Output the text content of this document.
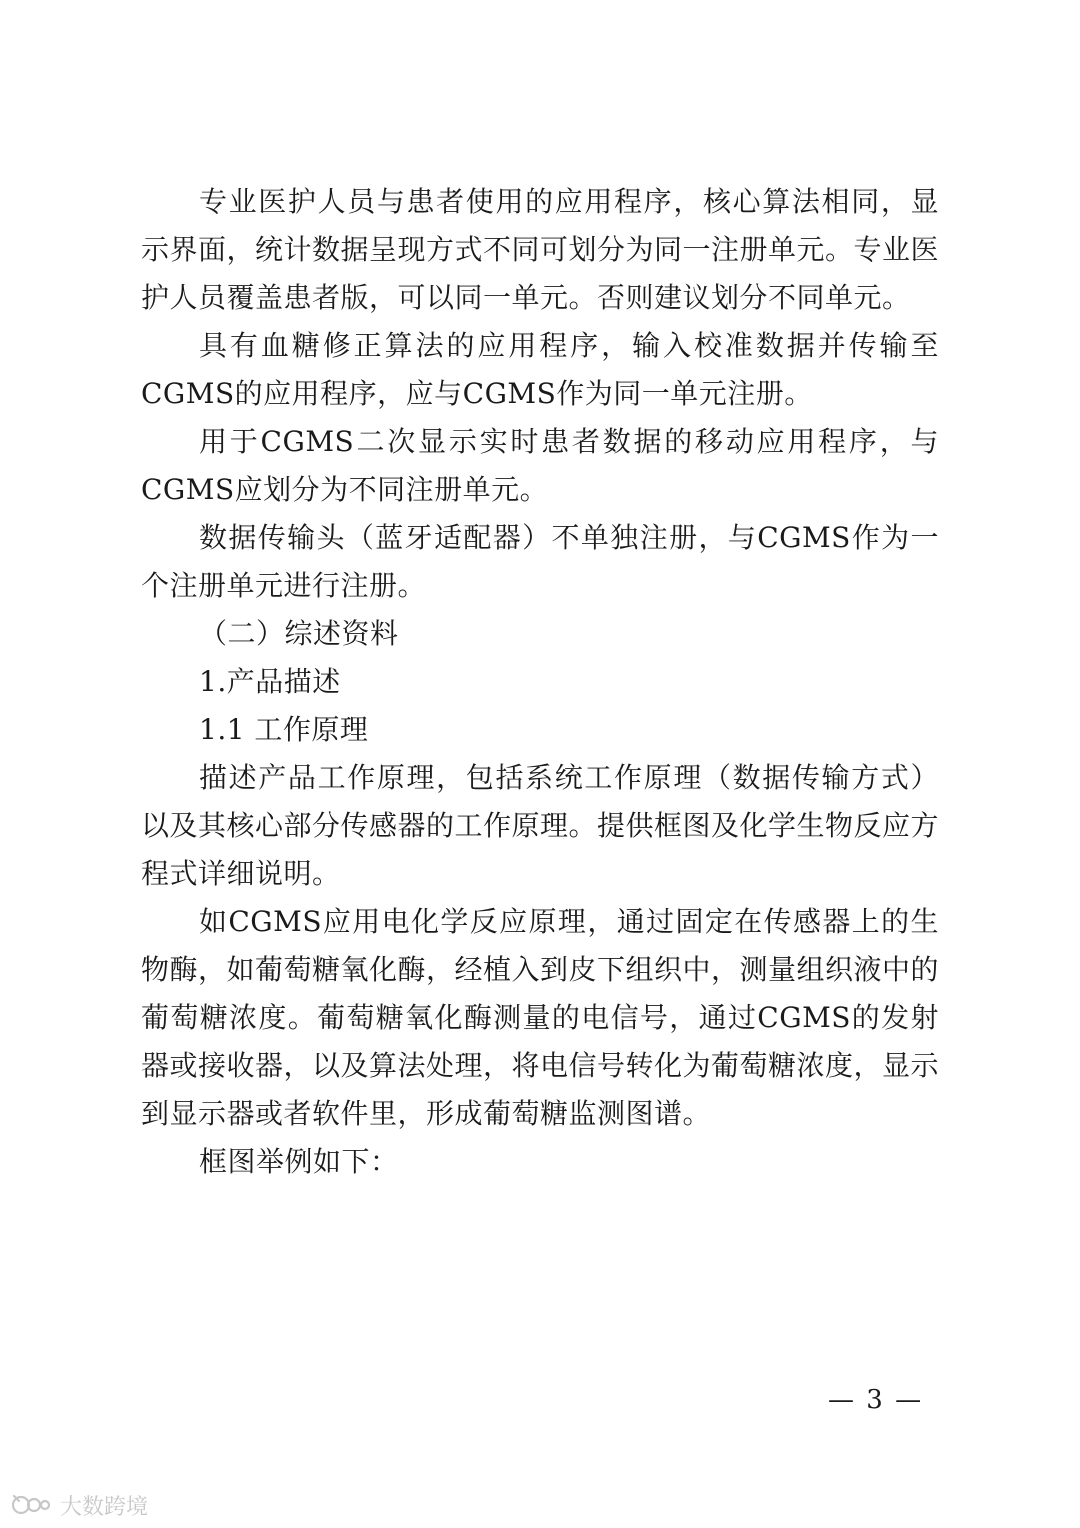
专业医护人员与患者使用的应用程序，核心算法相同，显示界面，统计数据呈现方式不同可划分为同一注册单元。专业医护人员覆盖患者版，可以同一单元。否则建议划分不同单元。

具有血糖修正算法的应用程序，输入校准数据并传输至CGMS的应用程序，应与CGMS作为同一单元注册。

用于CGMS二次显示实时患者数据的移动应用程序，与CGMS应划分为不同注册单元。

数据传输头（蓝牙适配器）不单独注册，与CGMS作为一个注册单元进行注册。

（二）综述资料

1.产品描述

1.1 工作原理

描述产品工作原理，包括系统工作原理（数据传输方式）以及其核心部分传感器的工作原理。提供框图及化学生物反应方程式详细说明。

如CGMS应用电化学反应原理，通过固定在传感器上的生物酶，如葡萄糖氧化酶，经植入到皮下组织中，测量组织液中的葡萄糖浓度。葡萄糖氧化酶测量的电信号，通过CGMS的发射器或接收器，以及算法处理，将电信号转化为葡萄糖浓度，显示到显示器或者软件里，形成葡萄糖监测图谱。

框图举例如下：

— 3 —
大数跨境
